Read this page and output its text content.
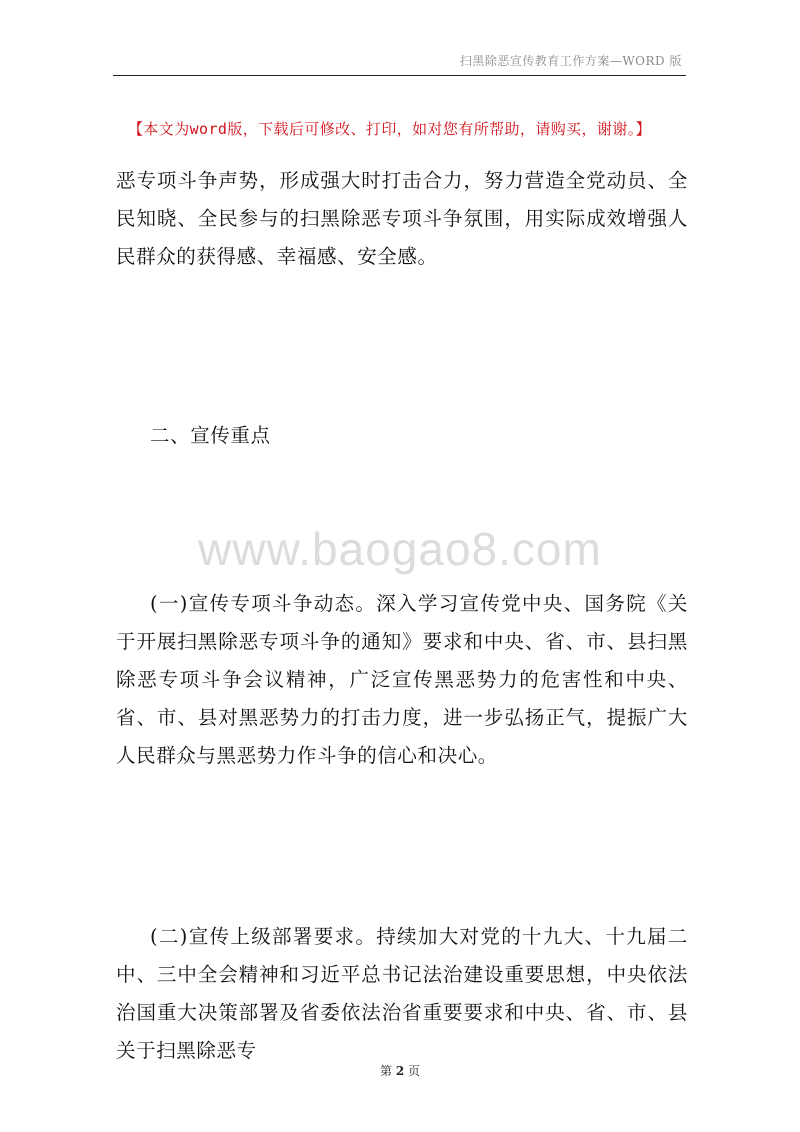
扫黑除恶宣传教育工作方案—WORD 版
【本文为word版，下载后可修改、打印，如对您有所帮助，请购买，谢谢。】

恶专项斗争声势，形成强大时打击合力，努力营造全党动员、全民知晓、全民参与的扫黑除恶专项斗争氛围，用实际成效增强人民群众的获得感、幸福感、安全感。

二、宣传重点

www.baogao8.com

(一)宣传专项斗争动态。深入学习宣传党中央、国务院《关于开展扫黑除恶专项斗争的通知》要求和中央、省、市、县扫黑除恶专项斗争会议精神，广泛宣传黑恶势力的危害性和中央、省、市、县对黑恶势力的打击力度，进一步弘扬正气，提振广大人民群众与黑恶势力作斗争的信心和决心。

(二)宣传上级部署要求。持续加大对党的十九大、十九届二中、三中全会精神和习近平总书记法治建设重要思想，中央依法治国重大决策部署及省委依法治省重要要求和中央、省、市、县关于扫黑除恶专

第 2 页
